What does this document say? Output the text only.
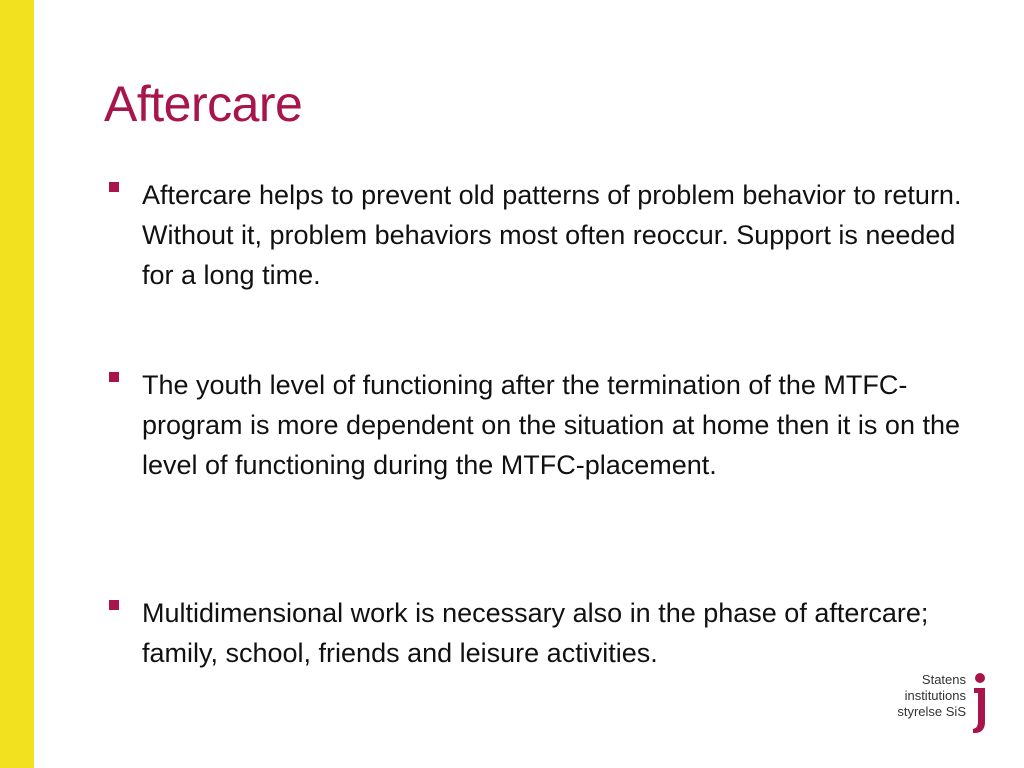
Aftercare
Aftercare helps to prevent old patterns of problem behavior to return. Without it, problem behaviors most often reoccur. Support is needed for a long time.
The youth level of functioning after the termination of the MTFC-program is more dependent on the situation at home then it is on the level of functioning during the MTFC-placement.
Multidimensional work is necessary also in the phase of aftercare; family, school, friends and leisure activities.
Statens
institutions
styrelse SiS
